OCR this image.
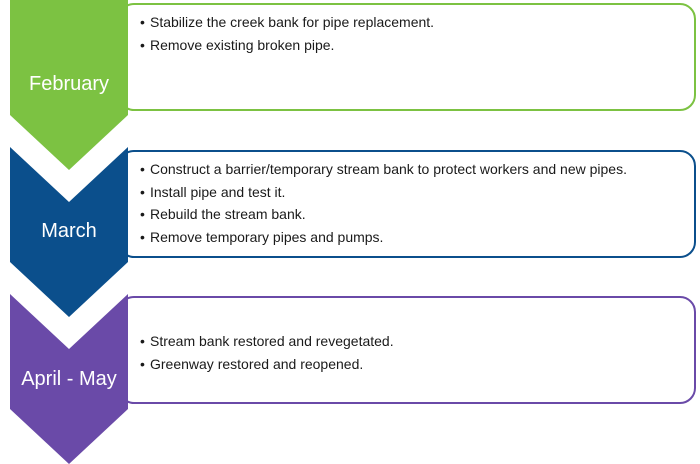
• Stabilize the creek bank for pipe replacement.
• Remove existing broken pipe.
February
• Construct a barrier/temporary stream bank to protect workers and new pipes.
• Install pipe and test it.
• Rebuild the stream bank.
• Remove temporary pipes and pumps.
March
• Stream bank restored and revegetated.
• Greenway restored and reopened.
April - May
